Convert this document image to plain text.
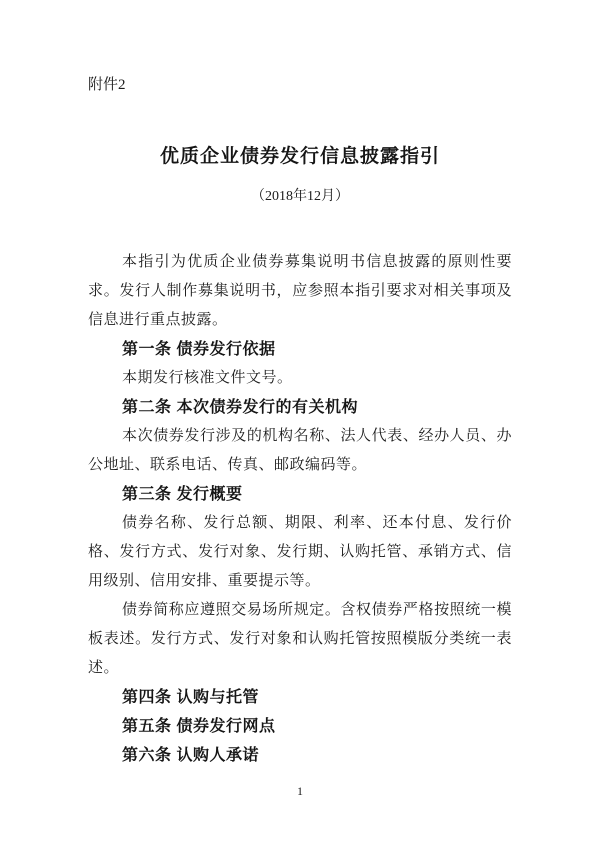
附件2
优质企业债券发行信息披露指引
（2018年12月）

本指引为优质企业债券募集说明书信息披露的原则性要求。发行人制作募集说明书，应参照本指引要求对相关事项及信息进行重点披露。

第一条 债券发行依据

本期发行核准文件文号。

第二条 本次债券发行的有关机构

本次债券发行涉及的机构名称、法人代表、经办人员、办公地址、联系电话、传真、邮政编码等。

第三条 发行概要

债券名称、发行总额、期限、利率、还本付息、发行价格、发行方式、发行对象、发行期、认购托管、承销方式、信用级别、信用安排、重要提示等。

债券简称应遵照交易场所规定。含权债券严格按照统一模板表述。发行方式、发行对象和认购托管按照模版分类统一表述。

第四条 认购与托管

第五条 债券发行网点

第六条 认购人承诺

1
